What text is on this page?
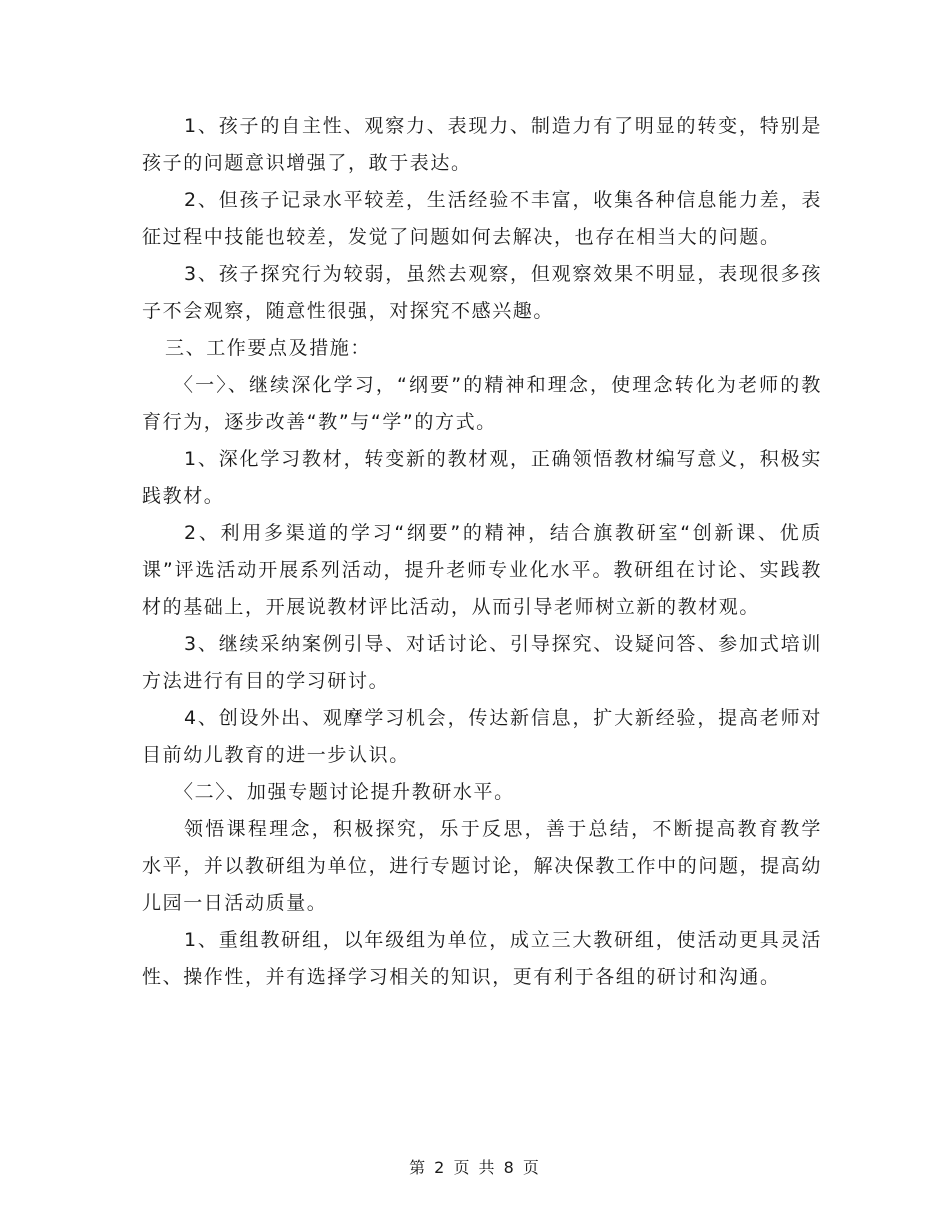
1、孩子的自主性、观察力、表现力、制造力有了明显的转变，特别是孩子的问题意识增强了，敢于表达。

2、但孩子记录水平较差，生活经验不丰富，收集各种信息能力差，表征过程中技能也较差，发觉了问题如何去解决，也存在相当大的问题。

3、孩子探究行为较弱，虽然去观察，但观察效果不明显，表现很多孩子不会观察，随意性很强，对探究不感兴趣。

三、工作要点及措施：

〈一〉、继续深化学习，“纲要”的精神和理念，使理念转化为老师的教育行为，逐步改善“教”与“学”的方式。

1、深化学习教材，转变新的教材观，正确领悟教材编写意义，积极实践教材。

2、利用多渠道的学习“纲要”的精神，结合旗教研室“创新课、优质课”评选活动开展系列活动，提升老师专业化水平。教研组在讨论、实践教材的基础上，开展说教材评比活动，从而引导老师树立新的教材观。

3、继续采纳案例引导、对话讨论、引导探究、设疑问答、参加式培训方法进行有目的学习研讨。

4、创设外出、观摩学习机会，传达新信息，扩大新经验，提高老师对目前幼儿教育的进一步认识。

〈二〉、加强专题讨论提升教研水平。

领悟课程理念，积极探究，乐于反思，善于总结，不断提高教育教学水平，并以教研组为单位，进行专题讨论，解决保教工作中的问题，提高幼儿园一日活动质量。

1、重组教研组，以年级组为单位，成立三大教研组，使活动更具灵活性、操作性，并有选择学习相关的知识，更有利于各组的研讨和沟通。

第 2 页 共 8 页
